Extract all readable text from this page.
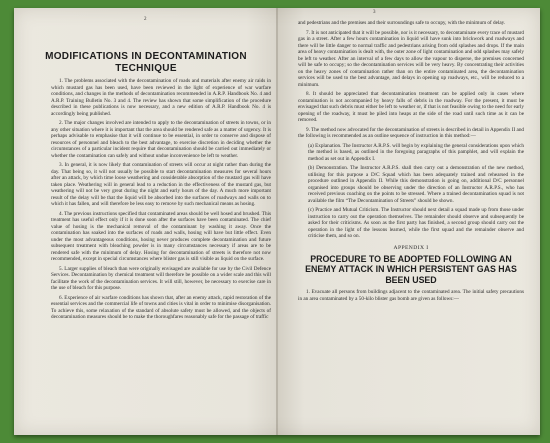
2
MODIFICATIONS IN DECONTAMINATION TECHNIQUE

1. The problems associated with the decontamination of roads and materials after enemy air raids in which mustard gas has been used, have been reviewed in the light of experience of war warfare conditions, and changes in the methods of decontamination recommended in A.R.P. Handbook No. 4 and A.R.P. Training Bulletin No. 3 and 4. The review has shown that some simplification of the procedure described in these publications is now necessary, and a new edition of A.R.P. Handbook No. 4 is accordingly being published.

2. The major changes involved are intended to apply to the decontamination of streets in towns, or in any other situation where it is important that the area should be rendered safe as a matter of urgency. It is perhaps advisable to emphasise that it will continue to be essential, in order to conserve and dispose of resources of personnel and bleach to the best advantage, to exercise discretion in deciding whether the circumstances of a particular incident require that decontamination should be carried out immediately or whether the contamination can safely and without undue inconvenience be left to weather.

3. In general, it is now likely that contamination of streets will occur at night rather than during the day. That being so, it will not usually be possible to start decontamination measures for several hours after an attack, by which time loose weathering and considerable absorption of the mustard gas will have taken place. Weathering will in general lead to a reduction in the effectiveness of the mustard gas, but weathering will not be very great during the night and early hours of the day. A much more important result of the delay will be that the liquid will be absorbed into the surfaces of roadways and walls on to which it has fallen, and will therefore be less easy to remove by such mechanical means as hosing.

4. The previous instructions specified that contaminated areas should be well hosed and brushed. This treatment has useful effect only if it is done soon after the surfaces have been contaminated. The chief value of hosing is the mechanical removal of the contaminant by washing it away. Once the contamination has soaked into the surfaces of roads and walls, hosing will have but little effect. Even under the most advantageous conditions, hosing never produces complete decontamination and future subsequent treatment with bleaching powder is in many circumstances necessary if areas are to be rendered safe with the minimum of delay. Hosing for decontamination of streets is therefore not now recommended, except in special circumstances where blister gas is still visible as liquid on the surface.

5. Larger supplies of bleach than were originally envisaged are available for use by the Civil Defence Services. Decontamination by chemical treatment will therefore be possible on a wider scale and this will facilitate the work of the decontamination services. It will still, however, be necessary to exercise care in the use of bleach for this purpose.

6. Experience of air warfare conditions has shown that, after an enemy attack, rapid restoration of the essential services and the commercial life of towns and cities is vital in order to minimise disorganisation. To achieve this, some relaxation of the standard of absolute safety must be allowed, and the objects of decontamination measures should be to make the thoroughfares reasonably safe for the passage of traffic

3

and pedestrians and the premises and their surroundings safe to occupy, with the minimum of delay.

7. It is not anticipated that it will be possible, nor is it necessary, to decontaminate every trace of mustard gas in a street. After a few hours contamination in liquid will have sunk into brickwork and roadways and there will be little danger to normal traffic and pedestrians arising from odd splashes and drops. If the main area of heavy contamination is dealt with, the outer zone of light contamination and odd splashes may safely be left to weather. After an interval of a few days to allow the vapour to disperse, the premises concerned will be safe to occupy; so the decontamination services will be very heavy. By concentrating their activities on the heavy zones of contamination rather than on the entire contaminated area, the decontamination services will be used to the best advantage, and delays in opening up roadways, etc., will be reduced to a minimum.

8. It should be appreciated that decontamination treatment can be applied only in cases where contamination is not accompanied by heavy falls of debris in the roadway. For the present, it must be envisaged that such debris must either be left to weather or, if that is not feasible owing to the need for early opening of the roadway, it must be piled into heaps at the side of the road until such time as it can be removed.

9. The method now advocated for the decontamination of streets is described in detail in Appendix II and the following is recommended as an outline sequence of instruction in this method:—

(a) Explanation. The Instructor A.R.P.S. will begin by explaining the general considerations upon which the method is based, as outlined in the foregoing paragraphs of this pamphlet, and will explain the method as set out in Appendix I.

(b) Demonstration. The Instructor A.R.P.S. shall then carry out a demonstration of the new method, utilising for this purpose a D/C Squad which has been adequately trained and rehearsed in the procedure outlined in Appendix II. While this demonstration is going on, additional D/C personnel organised into groups should be observing under the direction of an Instructor A.R.P.S., who has received previous coaching on the points to be stressed. Where a trained decontamination squad is not available the film “The Decontamination of Streets” should be shown.

(c) Practice and Mutual Criticism. The Instructor should next detail a squad made up from those under instruction to carry out the operation themselves. The remainder should observe and subsequently be asked for their criticisms. As soon as the first party has finished, a second group should carry out the operation in the light of the lessons learned, while the first squad and the remainder observe and criticise them, and so on.

APPENDIX I
PROCEDURE TO BE ADOPTED FOLLOWING AN ENEMY ATTACK IN WHICH PERSISTENT GAS HAS BEEN USED

1. Evacuate all persons from buildings adjacent to the contaminated area. The initial safety precautions in an area contaminated by a 50-kilo blister gas bomb are given as follows:—
